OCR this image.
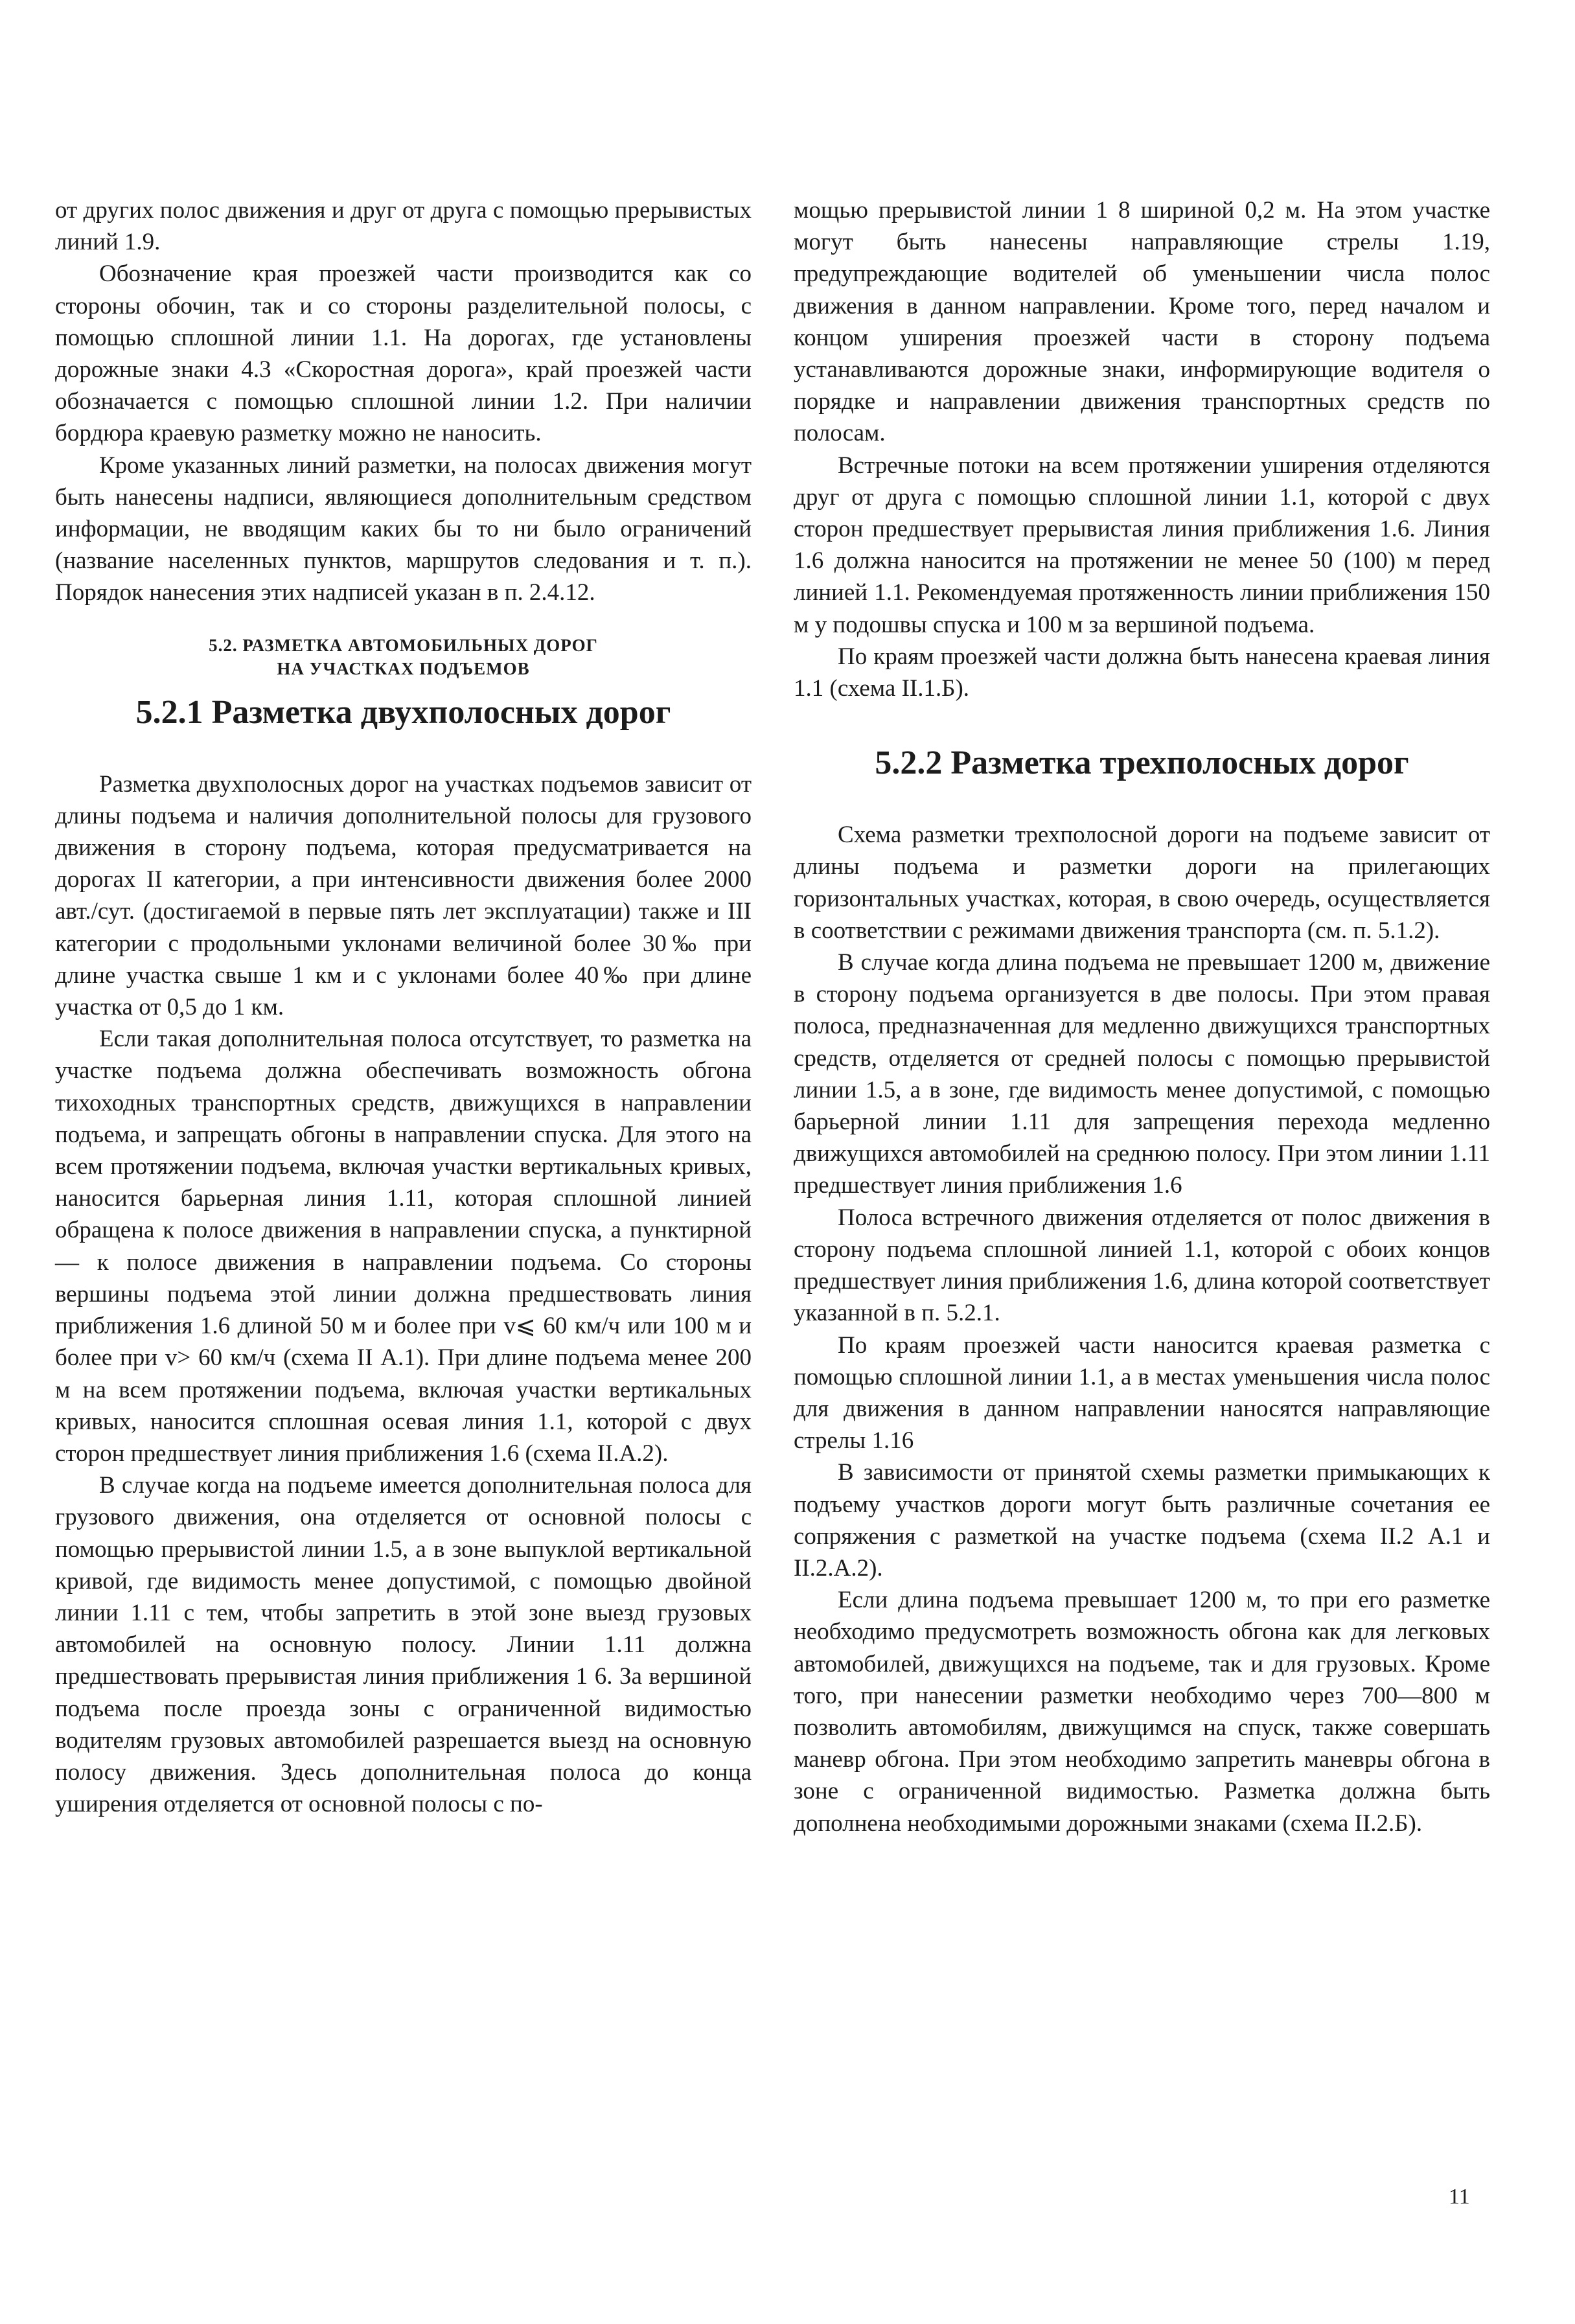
от других полос движения и друг от друга с помощью прерывистых линий 1.9.

Обозначение края проезжей части производится как со стороны обочин, так и со стороны разделительной полосы, с помощью сплошной линии 1.1. На дорогах, где установлены дорожные знаки 4.3 «Скоростная дорога», край проезжей части обозначается с помощью сплошной линии 1.2. При наличии бордюра краевую разметку можно не наносить.

Кроме указанных линий разметки, на полосах движения могут быть нанесены надписи, являющиеся дополнительным средством информации, не вводящим каких бы то ни было ограничений (название населенных пунктов, маршрутов следования и т. п.). Порядок нанесения этих надписей указан в п. 2.4.12.

5.2. РАЗМЕТКА АВТОМОБИЛЬНЫХ ДОРОГ
НА УЧАСТКАХ ПОДЪЕМОВ
5.2.1 Разметка двухполосных дорог

Разметка двухполосных дорог на участках подъемов зависит от длины подъема и наличия дополнительной полосы для грузового движения в сторону подъема, которая предусматривается на дорогах II категории, а при интенсивности движения более 2000 авт./сут. (достигаемой в первые пять лет эксплуатации) также и III категории с продольными уклонами величиной более 30‰ при длине участка свыше 1 км и с уклонами более 40‰ при длине участка от 0,5 до 1 км.

Если такая дополнительная полоса отсутствует, то разметка на участке подъема должна обеспечивать возможность обгона тихоходных транспортных средств, движущихся в направлении подъема, и запрещать обгоны в направлении спуска. Для этого на всем протяжении подъема, включая участки вертикальных кривых, наносится барьерная линия 1.11, которая сплошной линией обращена к полосе движения в направлении спуска, а пунктирной — к полосе движения в направлении подъема. Со стороны вершины подъема этой линии должна предшествовать линия приближения 1.6 длиной 50 м и более при v⩽ 60 км/ч или 100 м и более при v> 60 км/ч (схема II А.1). При длине подъема менее 200 м на всем протяжении подъема, включая участки вертикальных кривых, наносится сплошная осевая линия 1.1, которой с двух сторон предшествует линия приближения 1.6 (схема II.А.2).

В случае когда на подъеме имеется дополнительная полоса для грузового движения, она отделяется от основной полосы с помощью прерывистой линии 1.5, а в зоне выпуклой вертикальной кривой, где видимость менее допустимой, с помощью двойной линии 1.11 с тем, чтобы запретить в этой зоне выезд грузовых автомобилей на основную полосу. Линии 1.11 должна предшествовать прерывистая линия приближения 1 6. За вершиной подъема после проезда зоны с ограниченной видимостью водителям грузовых автомобилей разрешается выезд на основную полосу движения. Здесь дополнительная полоса до конца уширения отделяется от основной полосы с по-

мощью прерывистой линии 1 8 шириной 0,2 м. На этом участке могут быть нанесены направляющие стрелы 1.19, предупреждающие водителей об уменьшении числа полос движения в данном направлении. Кроме того, перед началом и концом уширения проезжей части в сторону подъема устанавливаются дорожные знаки, информирующие водителя о порядке и направлении движения транспортных средств по полосам.

Встречные потоки на всем протяжении уширения отделяются друг от друга с помощью сплошной линии 1.1, которой с двух сторон предшествует прерывистая линия приближения 1.6. Линия 1.6 должна наносится на протяжении не менее 50 (100) м перед линией 1.1. Рекомендуемая протяженность линии приближения 150 м у подошвы спуска и 100 м за вершиной подъема.

По краям проезжей части должна быть нанесена краевая линия 1.1 (схема II.1.Б).

5.2.2 Разметка трехполосных дорог

Схема разметки трехполосной дороги на подъеме зависит от длины подъема и разметки дороги на прилегающих горизонтальных участках, которая, в свою очередь, осуществляется в соответствии с режимами движения транспорта (см. п. 5.1.2).

В случае когда длина подъема не превышает 1200 м, движение в сторону подъема организуется в две полосы. При этом правая полоса, предназначенная для медленно движущихся транспортных средств, отделяется от средней полосы с помощью прерывистой линии 1.5, а в зоне, где видимость менее допустимой, с помощью барьерной линии 1.11 для запрещения перехода медленно движущихся автомобилей на среднюю полосу. При этом линии 1.11 предшествует линия приближения 1.6

Полоса встречного движения отделяется от полос движения в сторону подъема сплошной линией 1.1, которой с обоих концов предшествует линия приближения 1.6, длина которой соответствует указанной в п. 5.2.1.

По краям проезжей части наносится краевая разметка с помощью сплошной линии 1.1, а в местах уменьшения числа полос для движения в данном направлении наносятся направляющие стрелы 1.16

В зависимости от принятой схемы разметки примыкающих к подъему участков дороги могут быть различные сочетания ее сопряжения с разметкой на участке подъема (схема II.2 А.1 и II.2.А.2).

Если длина подъема превышает 1200 м, то при его разметке необходимо предусмотреть возможность обгона как для легковых автомобилей, движущихся на подъеме, так и для грузовых. Кроме того, при нанесении разметки необходимо через 700—800 м позволить автомобилям, движущимся на спуск, также совершать маневр обгона. При этом необходимо запретить маневры обгона в зоне с ограниченной видимостью. Разметка должна быть дополнена необходимыми дорожными знаками (схема II.2.Б).

11
